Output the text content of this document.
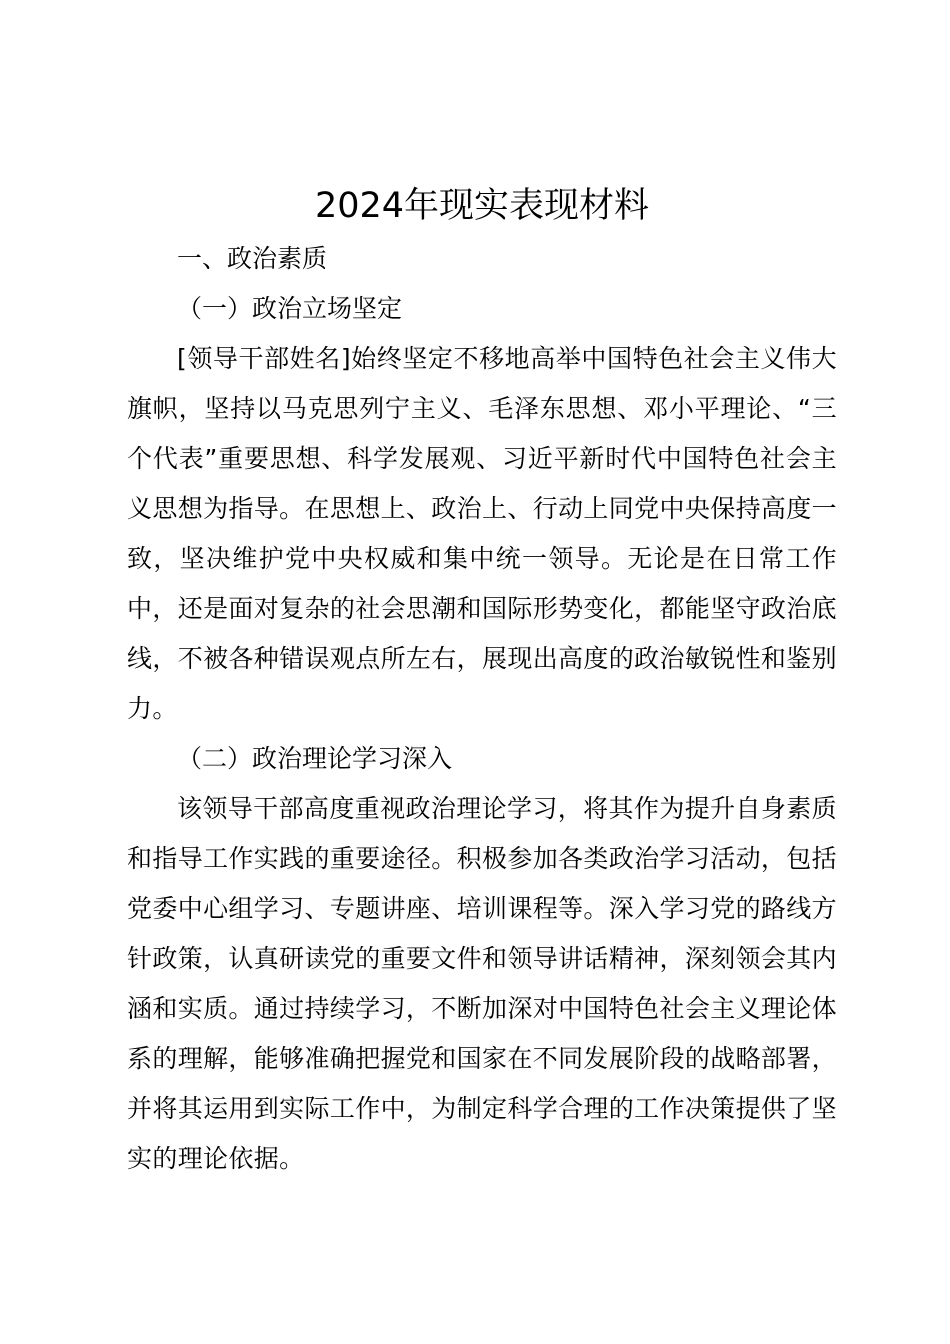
2024年现实表现材料

一、政治素质

（一）政治立场坚定

[领导干部姓名]始终坚定不移地高举中国特色社会主义伟大旗帜，坚持以马克思列宁主义、毛泽东思想、邓小平理论、“三个代表”重要思想、科学发展观、习近平新时代中国特色社会主义思想为指导。在思想上、政治上、行动上同党中央保持高度一致，坚决维护党中央权威和集中统一领导。无论是在日常工作中，还是面对复杂的社会思潮和国际形势变化，都能坚守政治底线，不被各种错误观点所左右，展现出高度的政治敏锐性和鉴别力。

（二）政治理论学习深入

该领导干部高度重视政治理论学习，将其作为提升自身素质和指导工作实践的重要途径。积极参加各类政治学习活动，包括党委中心组学习、专题讲座、培训课程等。深入学习党的路线方针政策，认真研读党的重要文件和领导讲话精神，深刻领会其内涵和实质。通过持续学习，不断加深对中国特色社会主义理论体系的理解，能够准确把握党和国家在不同发展阶段的战略部署，并将其运用到实际工作中，为制定科学合理的工作决策提供了坚实的理论依据。
